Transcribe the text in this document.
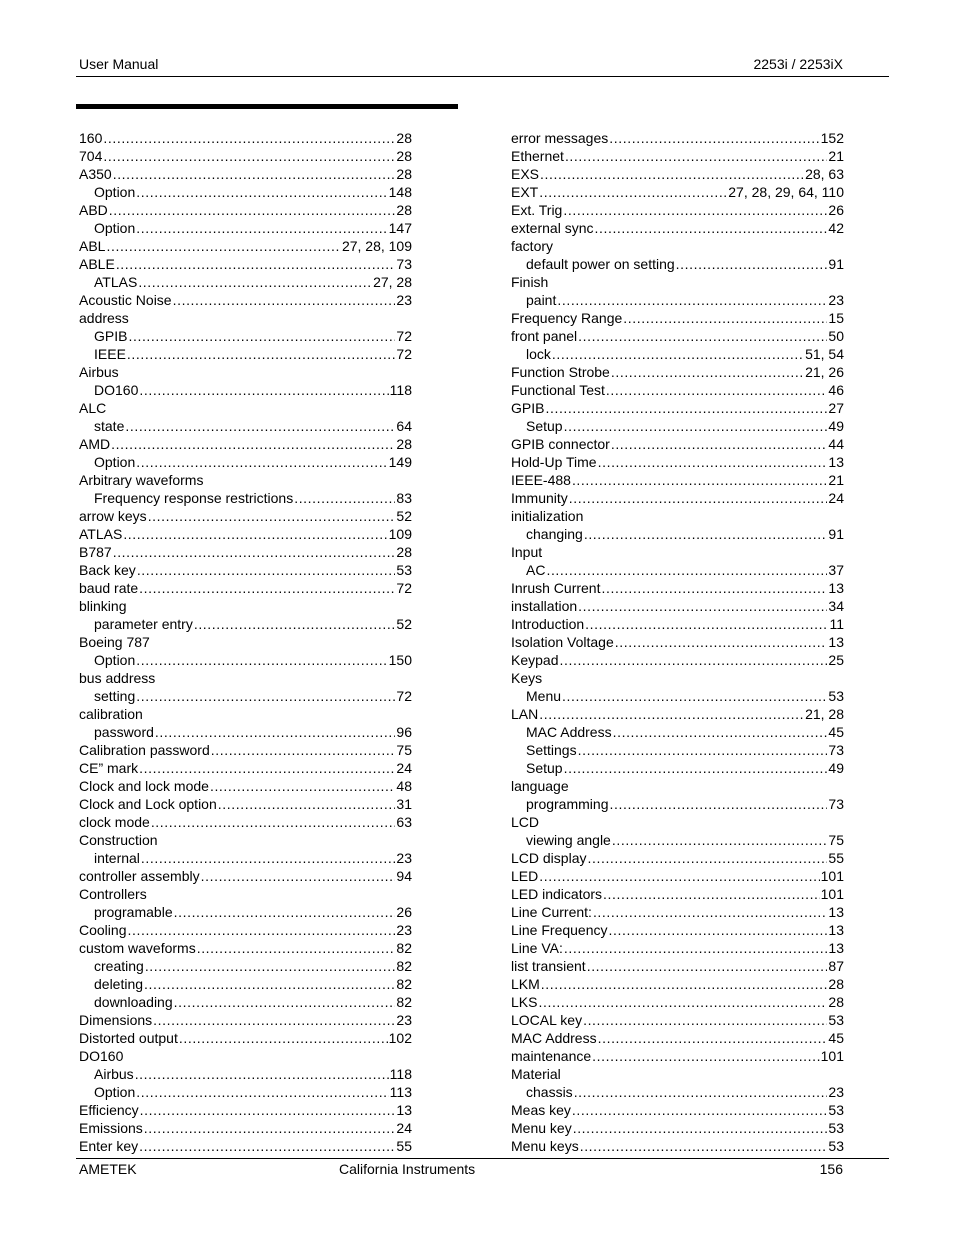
User Manual	2253i / 2253iX
160 .....	28
704 .....	28
A350 .....	28
Option .....	148
ABD .....	28
Option .....	147
ABL .....	27, 28, 109
ABLE .....	73
ATLAS .....	27, 28
Acoustic Noise .....	23
address
GPIB .....	72
IEEE .....	72
Airbus
DO160 .....	118
ALC
state .....	64
AMD .....	28
Option .....	149
Arbitrary waveforms
Frequency response restrictions .....	83
arrow keys .....	52
ATLAS .....	109
B787 .....	28
Back key .....	53
baud rate .....	72
blinking
parameter entry .....	52
Boeing 787
Option .....	150
bus address
setting .....	72
calibration
password .....	96
Calibration password .....	75
CE” mark .....	24
Clock and lock mode .....	48
Clock and Lock option .....	31
clock mode .....	63
Construction
internal .....	23
controller assembly .....	94
Controllers
programable .....	26
Cooling .....	23
custom waveforms .....	82
creating .....	82
deleting .....	82
downloading .....	82
Dimensions .....	23
Distorted output .....	102
DO160
Airbus .....	118
Option .....	113
Efficiency .....	13
Emissions .....	24
Enter key .....	55
error messages .....	152
Ethernet .....	21
EXS .....	28, 63
EXT .....	27, 28, 29, 64, 110
Ext. Trig .....	26
external sync .....	42
factory
default power on setting .....	91
Finish
paint .....	23
Frequency Range .....	15
front panel .....	50
lock .....	51, 54
Function Strobe .....	21, 26
Functional Test .....	46
GPIB .....	27
Setup .....	49
GPIB connector .....	44
Hold-Up Time .....	13
IEEE-488 .....	21
Immunity .....	24
initialization
changing .....	91
Input
AC .....	37
Inrush Current .....	13
installation .....	34
Introduction .....	11
Isolation Voltage .....	13
Keypad .....	25
Keys
Menu .....	53
LAN .....	21, 28
MAC Address .....	45
Settings .....	73
Setup .....	49
language
programming .....	73
LCD
viewing angle .....	75
LCD display .....	55
LED .....	101
LED indicators .....	101
Line Current: .....	13
Line Frequency .....	13
Line VA: .....	13
list transient .....	87
LKM .....	28
LKS .....	28
LOCAL key .....	53
MAC Address .....	45
maintenance .....	101
Material
chassis .....	23
Meas key .....	53
Menu key .....	53
Menu keys .....	53
AMETEK	California Instruments	156
